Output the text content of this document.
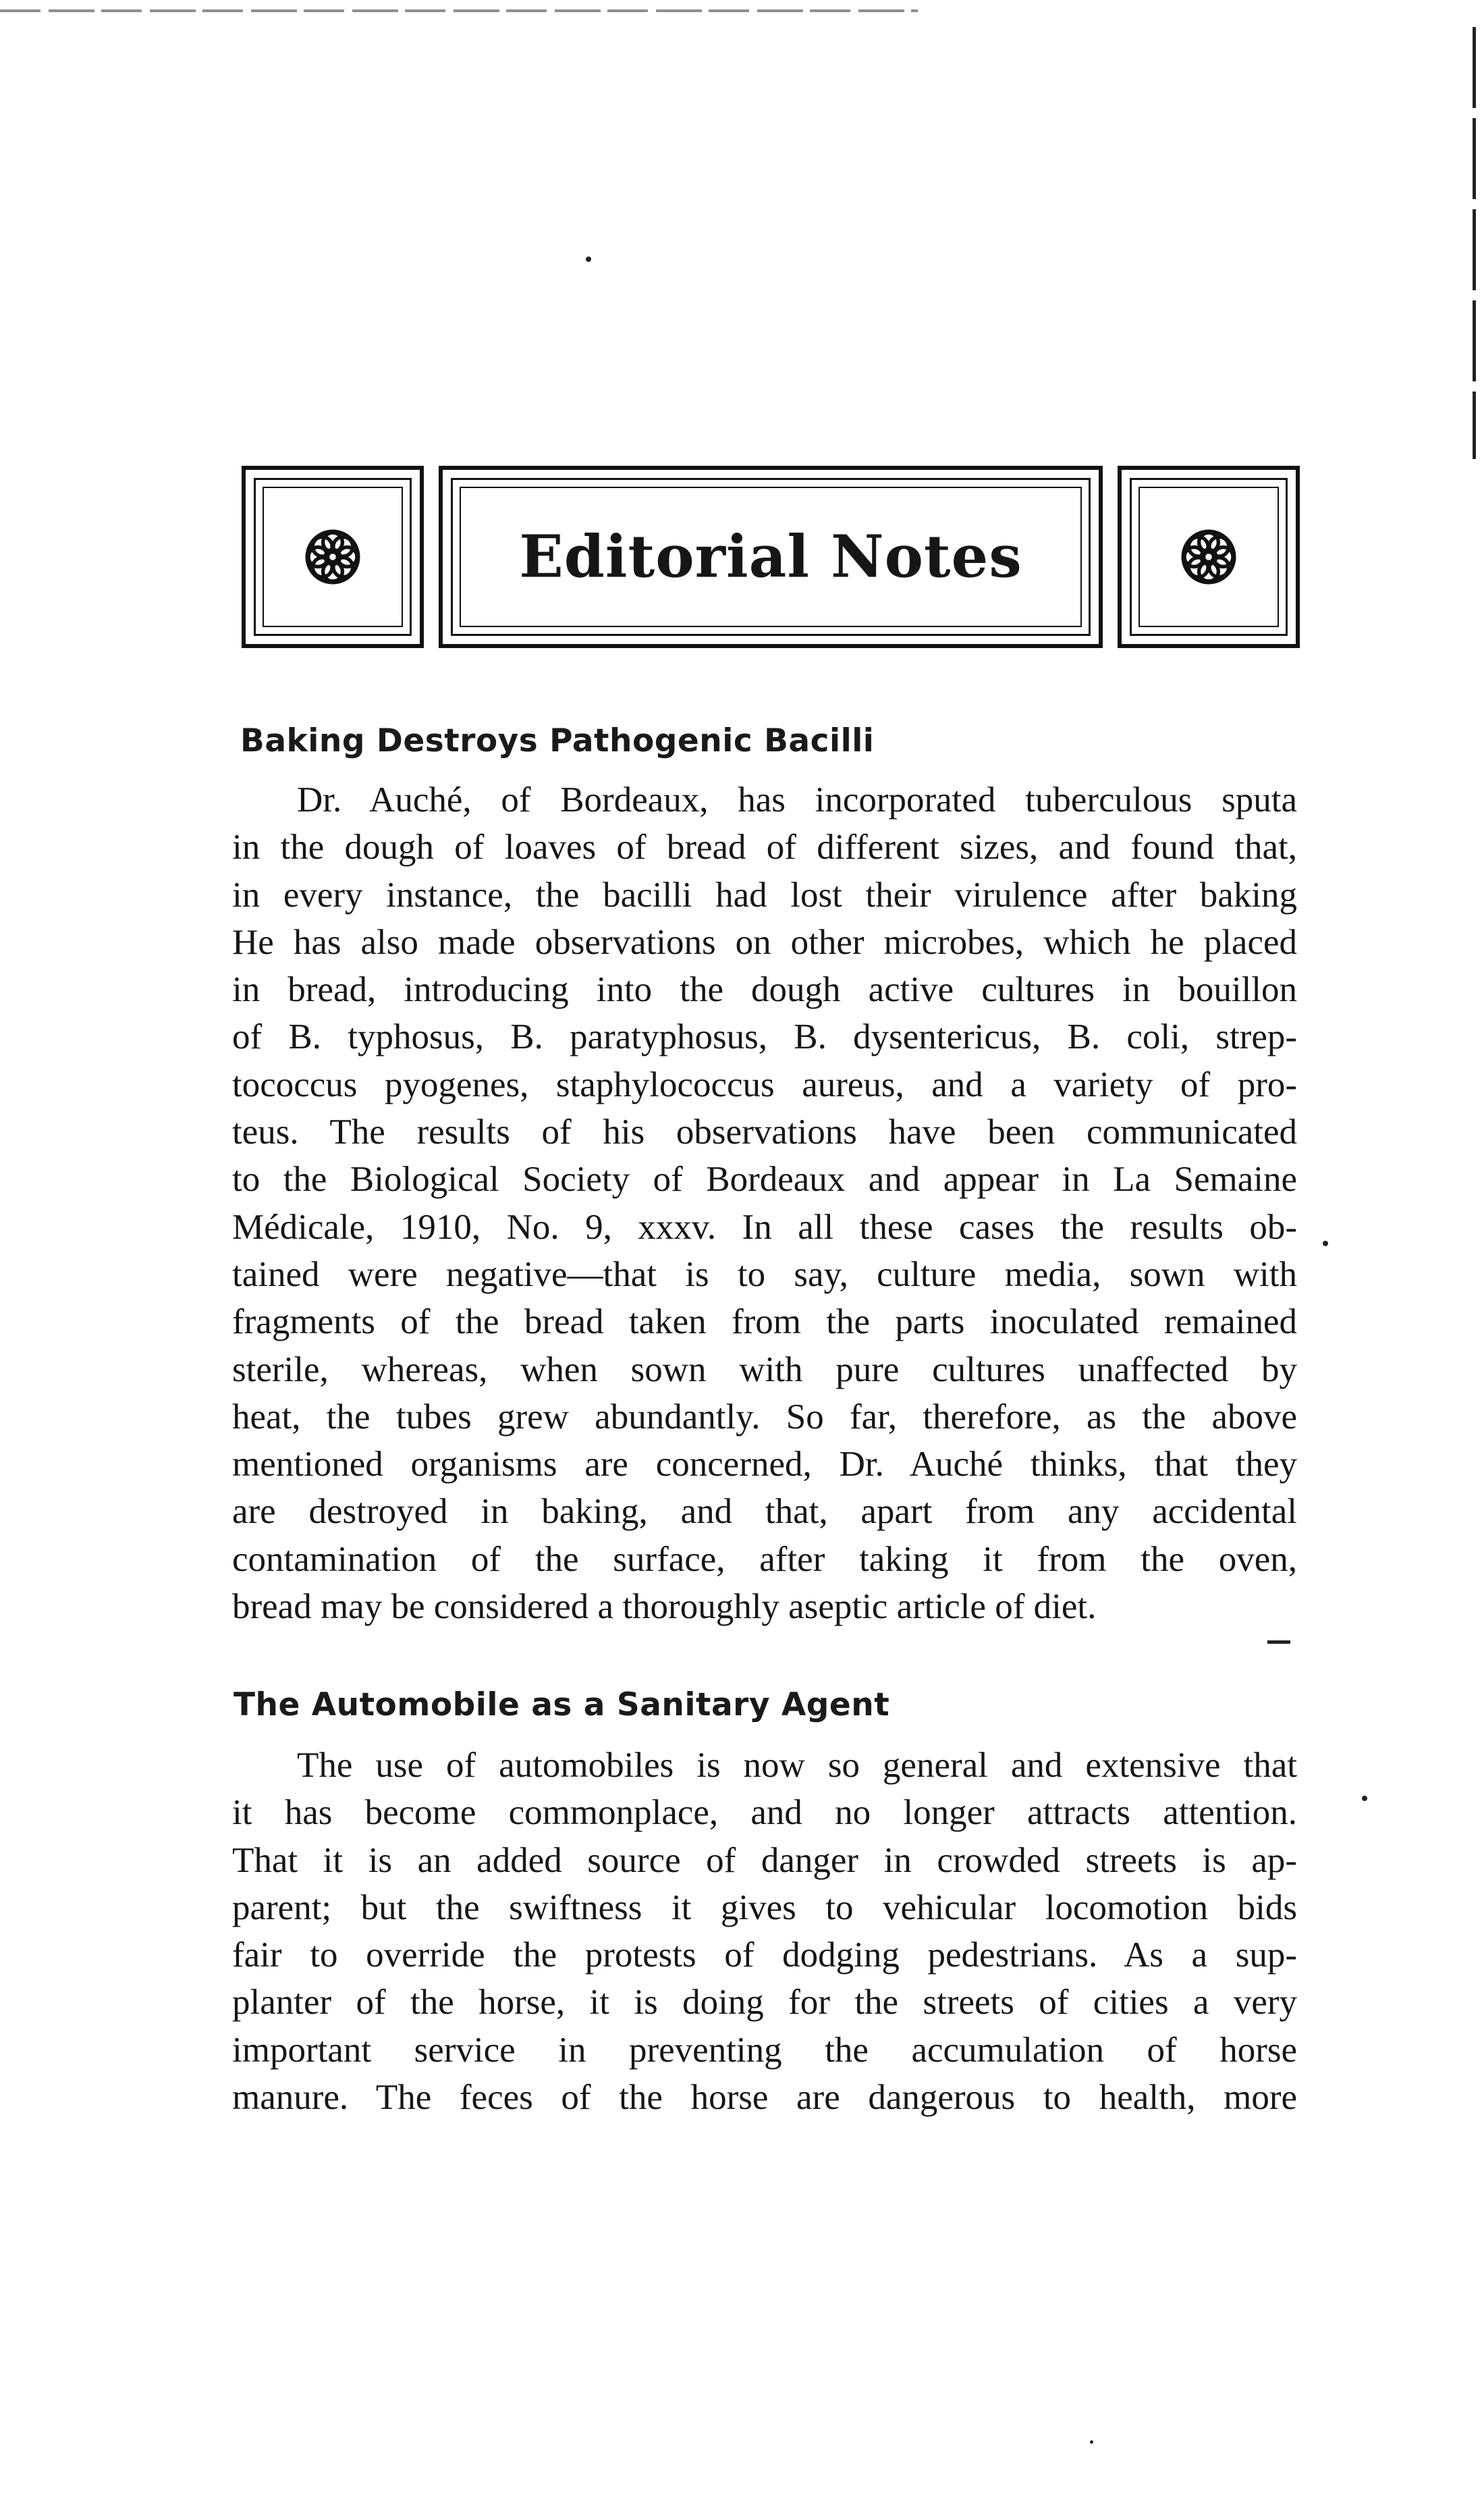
Editorial Notes
Baking Destroys Pathogenic Bacilli
Dr. Auché, of Bordeaux, has incorporated tuberculous sputa
in the dough of loaves of bread of different sizes, and found that,
in every instance, the bacilli had lost their virulence after baking
He has also made observations on other microbes, which he placed
in bread, introducing into the dough active cultures in bouillon
of B. typhosus, B. paratyphosus, B. dysentericus, B. coli, strep-
tococcus pyogenes, staphylococcus aureus, and a variety of pro-
teus. The results of his observations have been communicated
to the Biological Society of Bordeaux and appear in La Semaine
Médicale, 1910, No. 9, xxxv. In all these cases the results ob-
tained were negative—that is to say, culture media, sown with
fragments of the bread taken from the parts inoculated remained
sterile, whereas, when sown with pure cultures unaffected by
heat, the tubes grew abundantly. So far, therefore, as the above
mentioned organisms are concerned, Dr. Auché thinks, that they
are destroyed in baking, and that, apart from any accidental
contamination of the surface, after taking it from the oven,
bread may be considered a thoroughly aseptic article of diet.
The Automobile as a Sanitary Agent
The use of automobiles is now so general and extensive that
it has become commonplace, and no longer attracts attention.
That it is an added source of danger in crowded streets is ap-
parent; but the swiftness it gives to vehicular locomotion bids
fair to override the protests of dodging pedestrians. As a sup-
planter of the horse, it is doing for the streets of cities a very
important service in preventing the accumulation of horse
manure. The feces of the horse are dangerous to health, more
